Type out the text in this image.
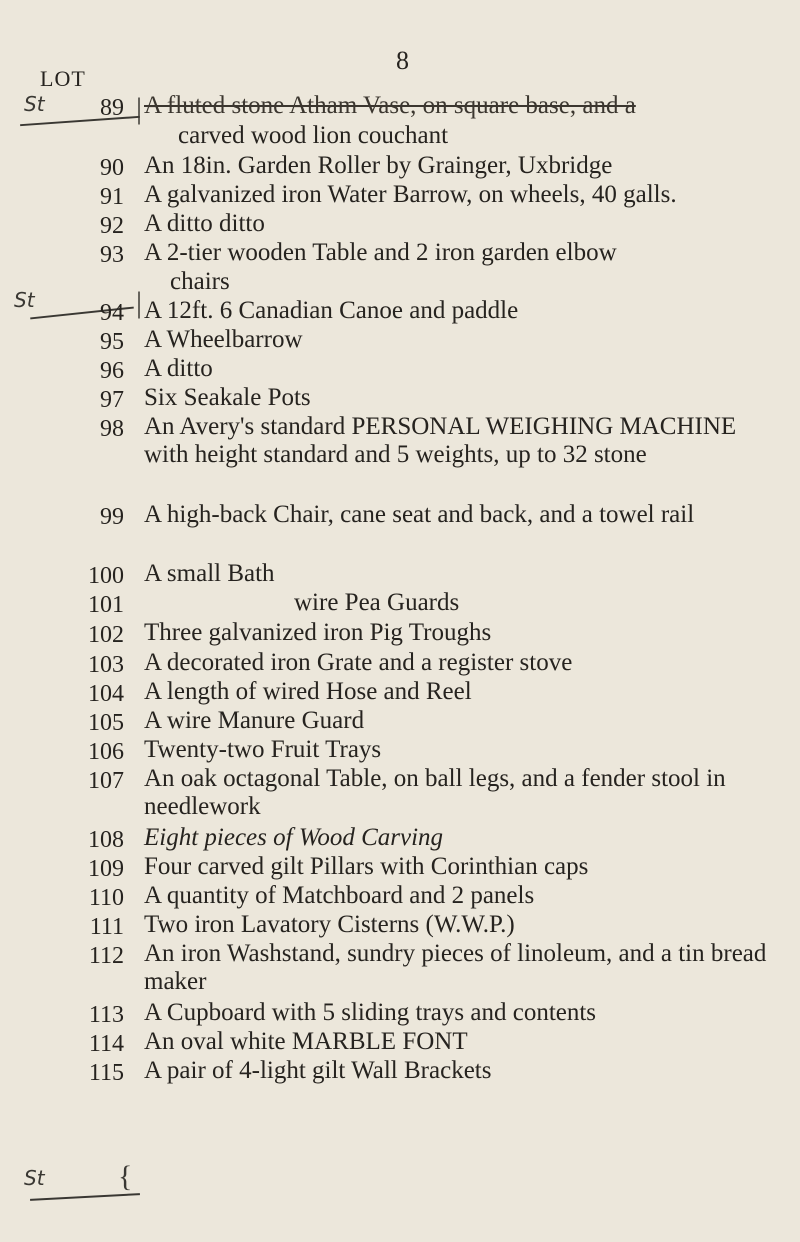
8
LOT
St
St
St {
|
|
89 A fluted stone Atham Vase, on square base, and a
carved wood lion couchant
90 An 18in. Garden Roller by Grainger, Uxbridge
91 A galvanized iron Water Barrow, on wheels, 40 galls.
92 A ditto ditto
93 A 2-tier wooden Table and 2 iron garden elbow
chairs
94 A 12ft. 6 Canadian Canoe and paddle
95 A Wheelbarrow
96 A ditto
97 Six Seakale Pots
98 An Avery's standard PERSONAL WEIGHING MACHINE with height standard and 5 weights, up to 32 stone
99 A high-back Chair, cane seat and back, and a towel rail
100 A small Bath
101	wire Pea Guards
102 Three galvanized iron Pig Troughs
103 A decorated iron Grate and a register stove
104 A length of wired Hose and Reel
105 A wire Manure Guard
106 Twenty-two Fruit Trays
107 An oak octagonal Table, on ball legs, and a fender stool in needlework
108 Eight pieces of Wood Carving
109 Four carved gilt Pillars with Corinthian caps
110 A quantity of Matchboard and 2 panels
111 Two iron Lavatory Cisterns (W.W.P.)
112 An iron Washstand, sundry pieces of linoleum, and a tin bread maker
113 A Cupboard with 5 sliding trays and contents
114 An oval white MARBLE FONT
115 A pair of 4-light gilt Wall Brackets
